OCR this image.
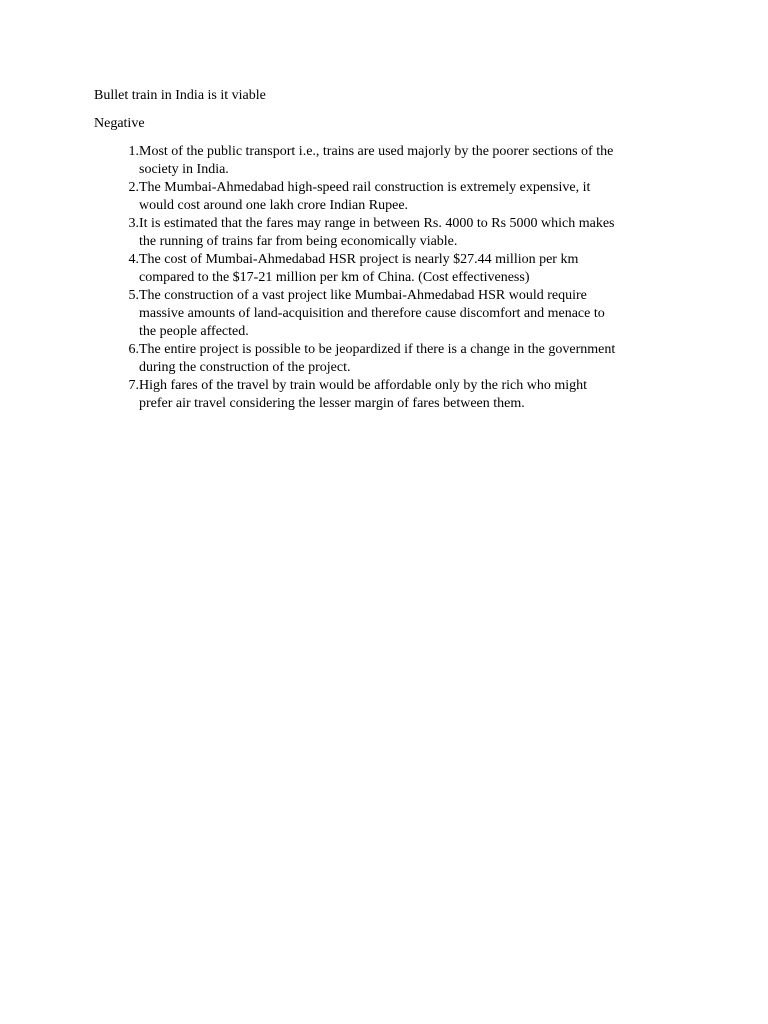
Bullet train in India is it viable
Negative
1. Most of the public transport i.e., trains are used majorly by the poorer sections of the
society in India.
2. The Mumbai-Ahmedabad high-speed rail construction is extremely expensive, it
would cost around one lakh crore Indian Rupee.
3. It is estimated that the fares may range in between Rs. 4000 to Rs 5000 which makes
the running of trains far from being economically viable.
4. The cost of Mumbai-Ahmedabad HSR project is nearly $27.44 million per km
compared to the $17-21 million per km of China. (Cost effectiveness)
5. The construction of a vast project like Mumbai-Ahmedabad HSR would require
massive amounts of land-acquisition and therefore cause discomfort and menace to
the people affected.
6. The entire project is possible to be jeopardized if there is a change in the government
during the construction of the project.
7. High fares of the travel by train would be affordable only by the rich who might
prefer air travel considering the lesser margin of fares between them.
